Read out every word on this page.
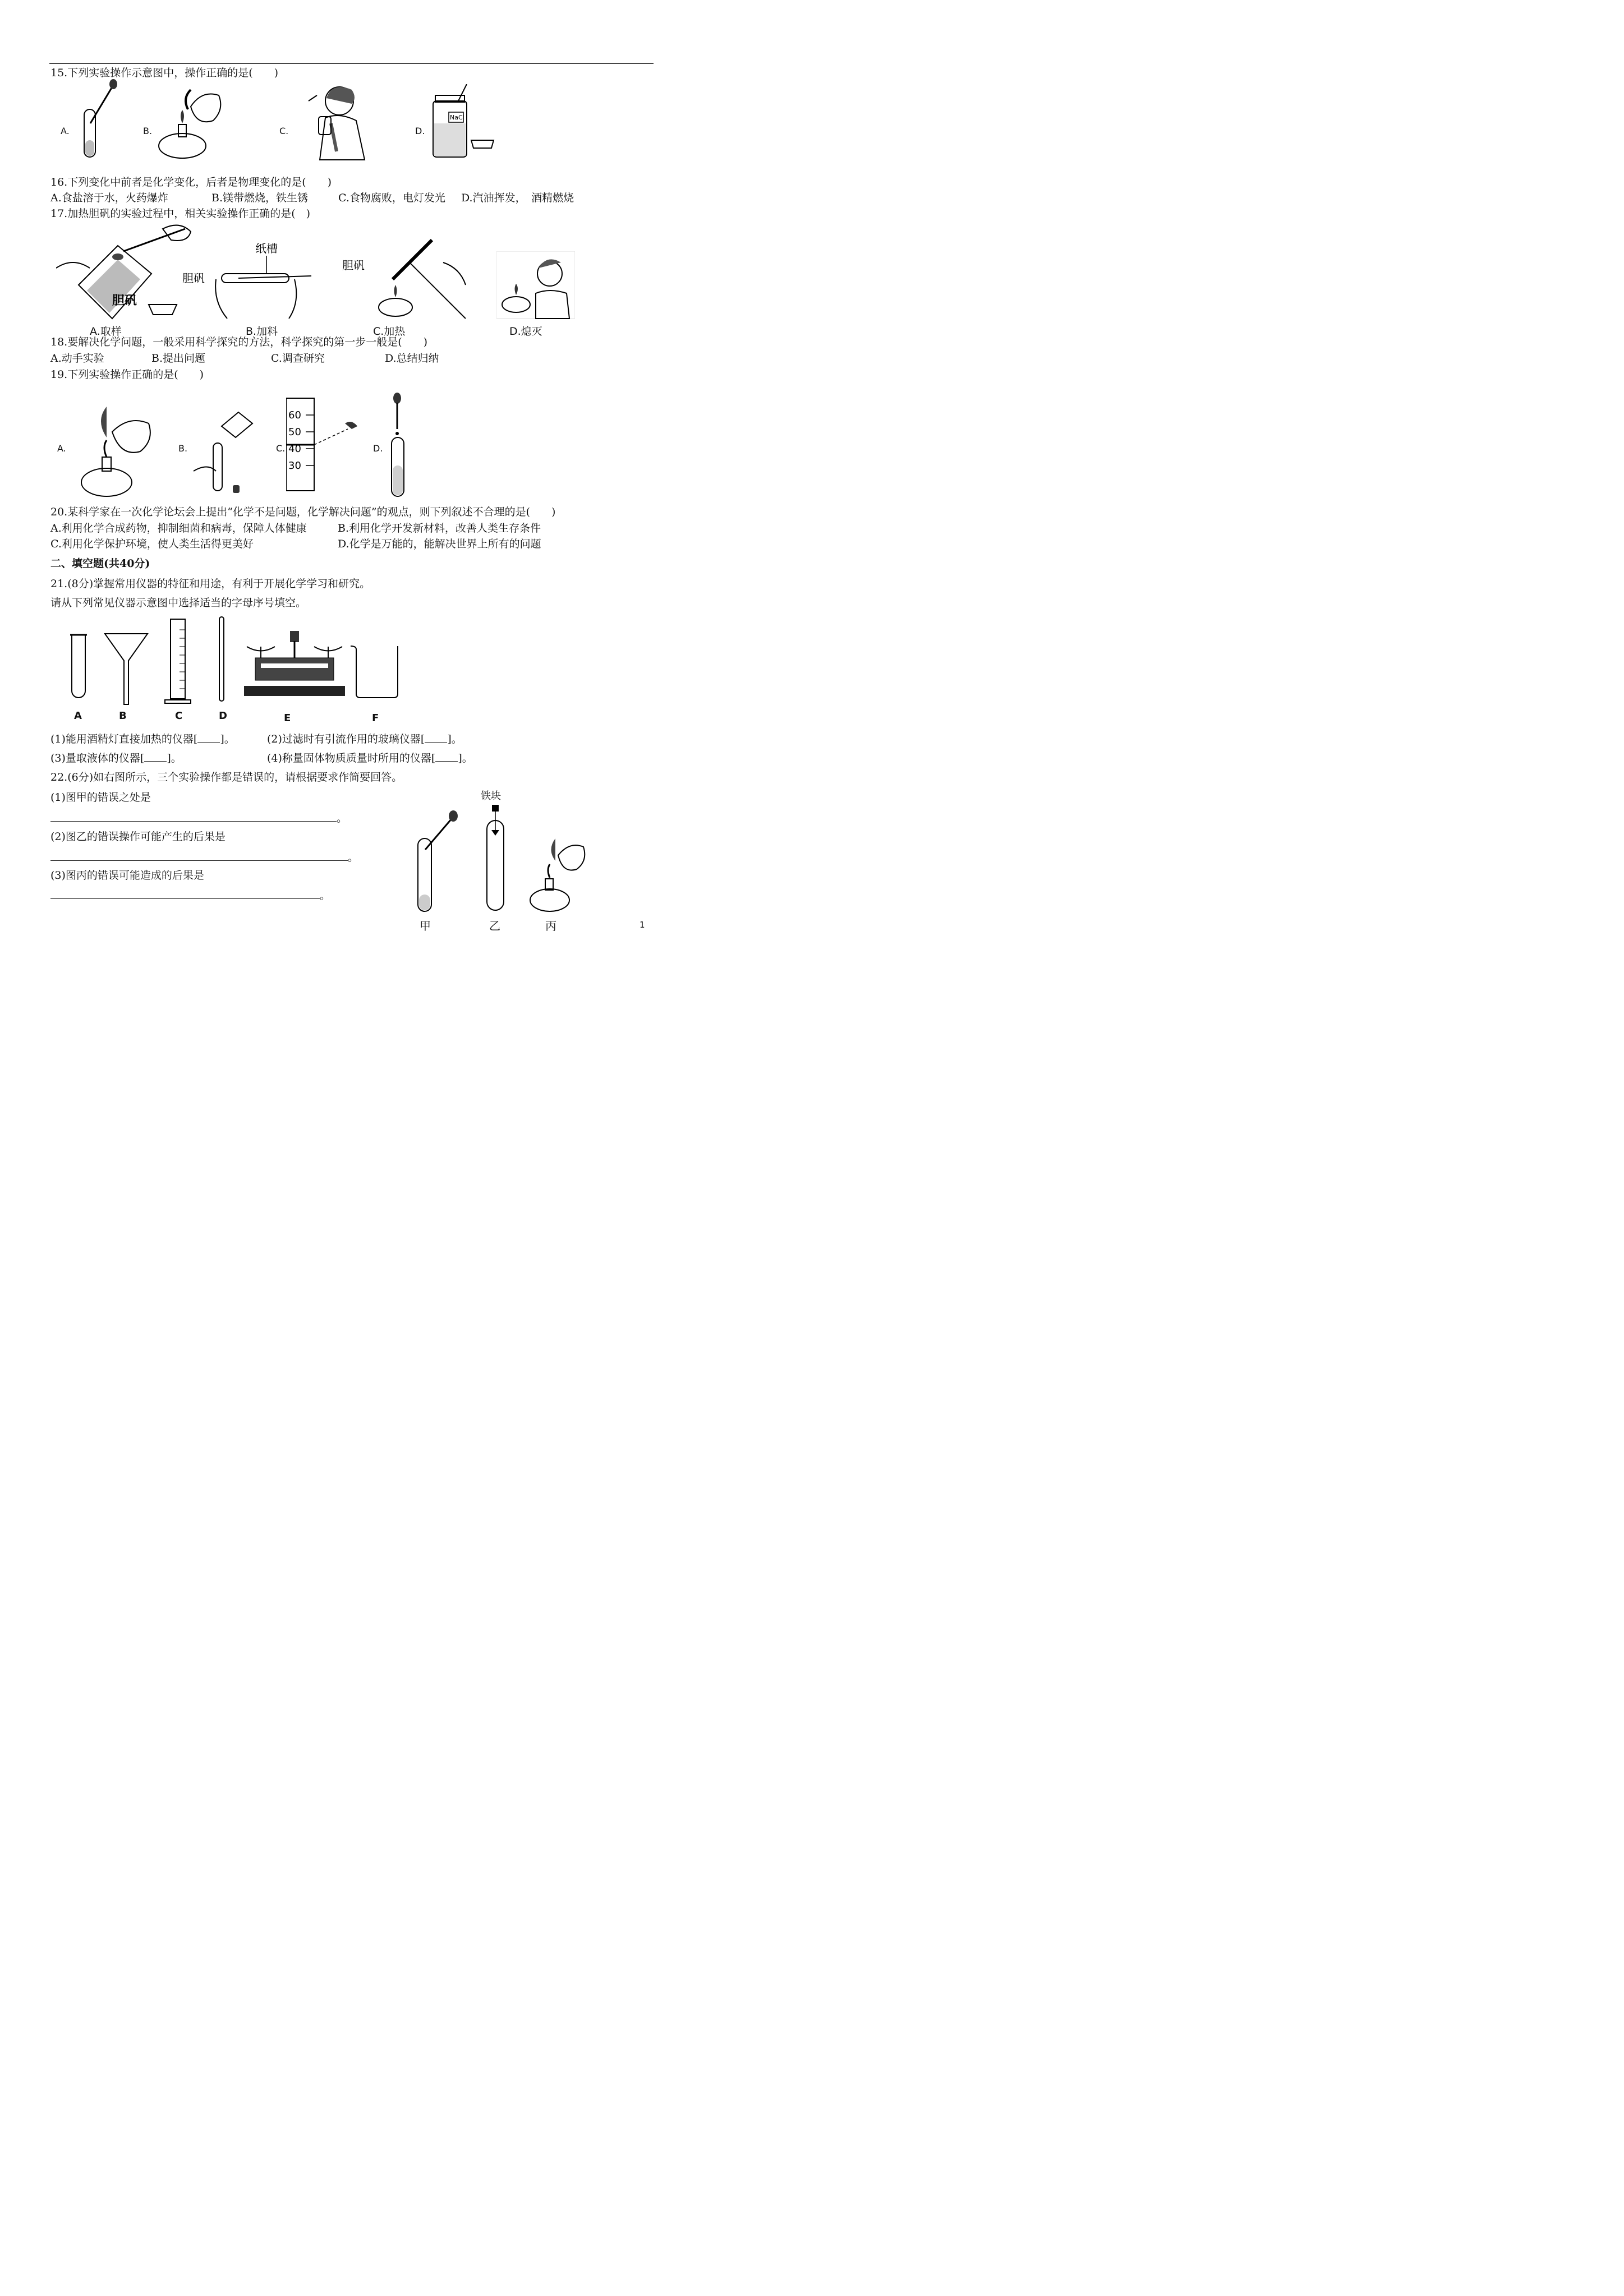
15.下列实验操作示意图中，操作正确的是(　　)
A.	B.	C.	D.
NaCl
16.下列变化中前者是化学变化，后者是物理变化的是(　　)
A.食盐溶于水，火药爆炸	B.镁带燃烧，铁生锈	C.食物腐败，电灯发光 D.汽油挥发，　酒精燃烧
17.加热胆矾的实验过程中，相关实验操作正确的是(　)
胆矾
A.取样
胆矾
纸槽
B.加料
胆矾
C.加热	D.熄灭
18.要解决化学问题，一般采用科学探究的方法，科学探究的第一步一般是(　　)
A.动手实验	B.提出问题	C.调查研究	D.总结归纳
19.下列实验操作正确的是(　　)
A.	B.	C.	D.
60
50
40
30
20.某科学家在一次化学论坛会上提出“化学不是问题，化学解决问题”的观点，则下列叙述不合理的是(　　)
A.利用化学合成药物，抑制细菌和病毒，保障人体健康	B.利用化学开发新材料，改善人类生存条件
C.利用化学保护环境，使人类生活得更美好	D.化学是万能的，能解决世界上所有的问题
二、填空题(共40分)
21.(8分)掌握常用仪器的特征和用途，有利于开展化学学习和研究。
请从下列常见仪器示意图中选择适当的字母序号填空。
A	B	C	D	E	F
(1)能用酒精灯直接加热的仪器[ ]。	(2)过滤时有引流作用的玻璃仪器[ ]。
(3)量取液体的仪器[ ]。	(4)称量固体物质质量时所用的仪器[ ]。
22.(6分)如右图所示，三个实验操作都是错误的，请根据要求作简要回答。
(1)图甲的错误之处是
。
(2)图乙的错误操作可能产生的后果是
。
(3)图丙的错误可能造成的后果是
。
铁块
甲	乙	丙	1
